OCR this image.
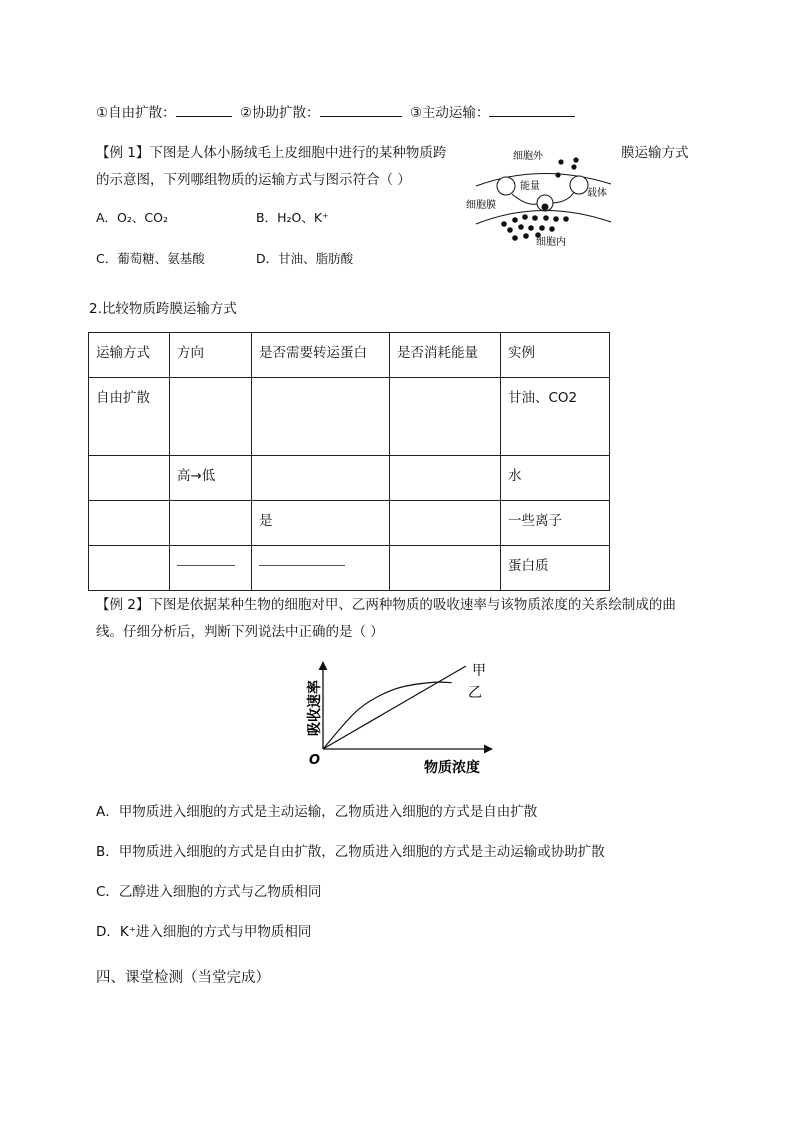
①自由扩散：	②协助扩散：	③主动运输：
【例 1】下图是人体小肠绒毛上皮细胞中进行的某种物质跨	膜运输方式
的示意图，下列哪组物质的运输方式与图示符合（ ）
A．O₂、CO₂	B．H₂O、K⁺
C．葡萄糖、氨基酸	D．甘油、脂肪酸
细胞外
能量
载体
细胞膜
细胞内
2.比较物质跨膜运输方式
运输方式	方向	是否需要转运蛋白	是否消耗能量	实例
自由扩散				甘油、CO2
	高→低			水
		是		一些离子
				蛋白质
【例 2】下图是依据某种生物的细胞对甲、乙两种物质的吸收速率与该物质浓度的关系绘制成的曲
线。仔细分析后，判断下列说法中正确的是（ ）
甲
乙
吸收速率
O	物质浓度
A．甲物质进入细胞的方式是主动运输，乙物质进入细胞的方式是自由扩散
B．甲物质进入细胞的方式是自由扩散，乙物质进入细胞的方式是主动运输或协助扩散
C．乙醇进入细胞的方式与乙物质相同
D．K⁺进入细胞的方式与甲物质相同
四、课堂检测（当堂完成）
